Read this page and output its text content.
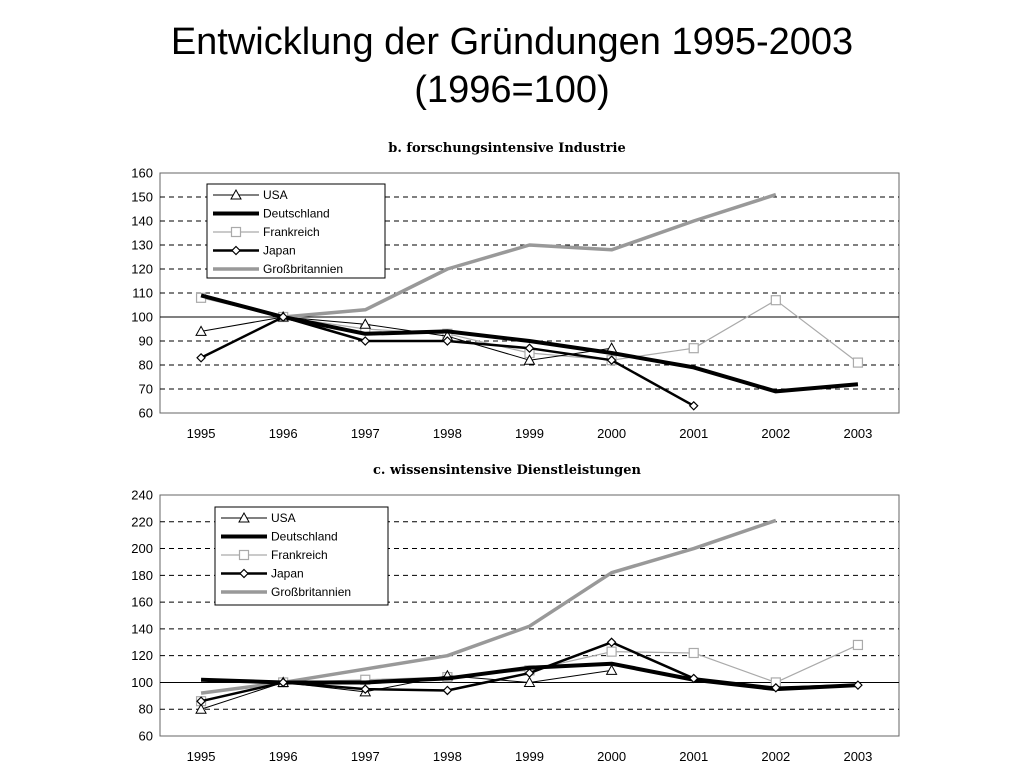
Entwicklung der Gründungen 1995-2003
(1996=100)
b. forschungsintensive Industrie
60
70
80
90
100
110
120
130
140
150
160
1995	1996	1997	1998	1999	2000	2001	2002	2003
USA
Deutschland
Frankreich
Japan
Großbritannien
c. wissensintensive Dienstleistungen
60
80
100
120
140
160
180
200
220
240
1995	1996	1997	1998	1999	2000	2001	2002	2003
USA
Deutschland
Frankreich
Japan
Großbritannien
